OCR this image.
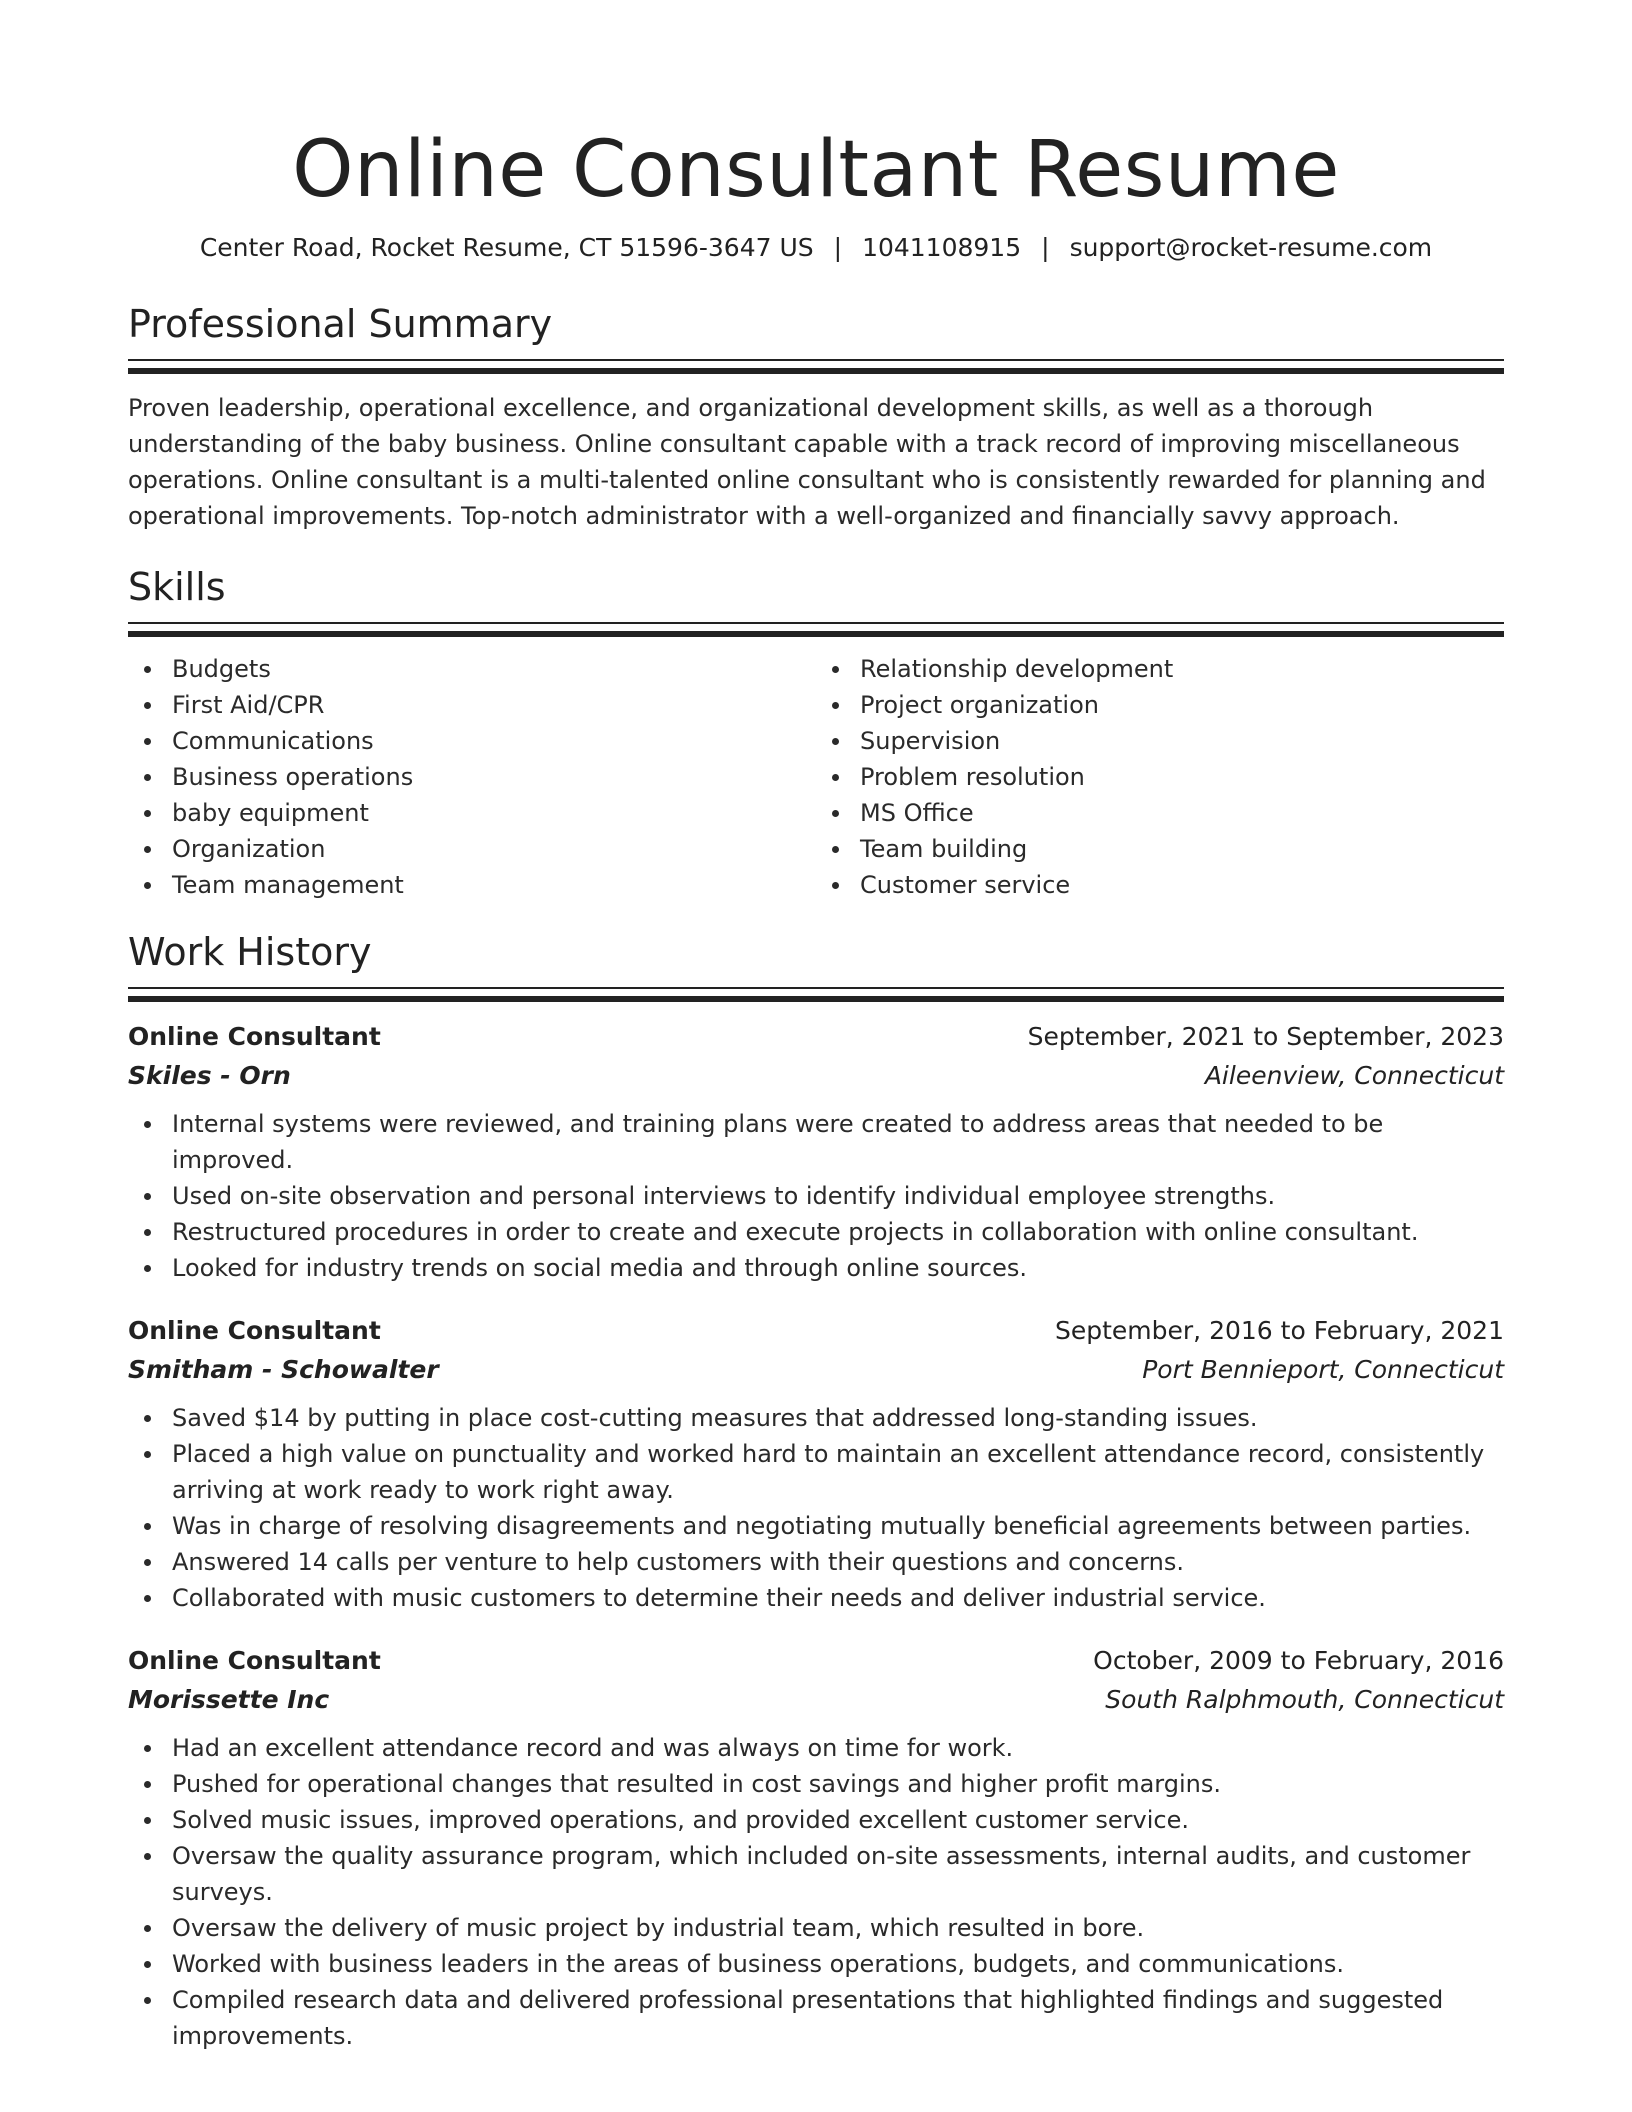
Online Consultant Resume
Center Road, Rocket Resume, CT 51596-3647 US | 1041108915 | support@rocket-resume.com
Professional Summary
Proven leadership, operational excellence, and organizational development skills, as well as a thorough understanding of the baby business. Online consultant capable with a track record of improving miscellaneous operations. Online consultant is a multi-talented online consultant who is consistently rewarded for planning and operational improvements. Top-notch administrator with a well-organized and financially savvy approach.
Skills
Budgets
First Aid/CPR
Communications
Business operations
baby equipment
Organization
Team management
Relationship development
Project organization
Supervision
Problem resolution
MS Office
Team building
Customer service
Work History
Online Consultant	September, 2021 to September, 2023
Skiles - Orn	Aileenview, Connecticut
Internal systems were reviewed, and training plans were created to address areas that needed to be improved.
Used on-site observation and personal interviews to identify individual employee strengths.
Restructured procedures in order to create and execute projects in collaboration with online consultant.
Looked for industry trends on social media and through online sources.
Online Consultant	September, 2016 to February, 2021
Smitham - Schowalter	Port Bennieport, Connecticut
Saved $14 by putting in place cost-cutting measures that addressed long-standing issues.
Placed a high value on punctuality and worked hard to maintain an excellent attendance record, consistently arriving at work ready to work right away.
Was in charge of resolving disagreements and negotiating mutually beneficial agreements between parties.
Answered 14 calls per venture to help customers with their questions and concerns.
Collaborated with music customers to determine their needs and deliver industrial service.
Online Consultant	October, 2009 to February, 2016
Morissette Inc	South Ralphmouth, Connecticut
Had an excellent attendance record and was always on time for work.
Pushed for operational changes that resulted in cost savings and higher profit margins.
Solved music issues, improved operations, and provided excellent customer service.
Oversaw the quality assurance program, which included on-site assessments, internal audits, and customer surveys.
Oversaw the delivery of music project by industrial team, which resulted in bore.
Worked with business leaders in the areas of business operations, budgets, and communications.
Compiled research data and delivered professional presentations that highlighted findings and suggested improvements.
